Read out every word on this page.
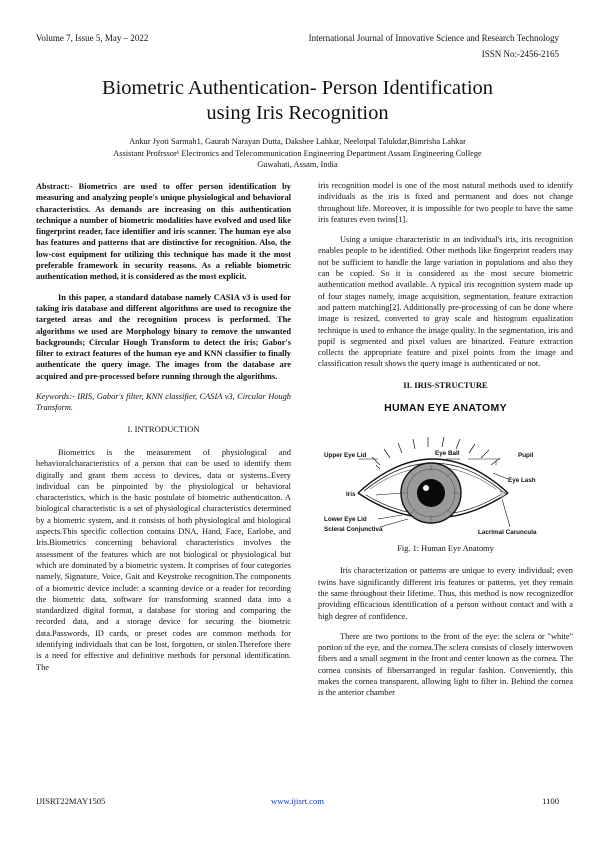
Volume 7, Issue 5, May – 2022	International Journal of Innovative Science and Research Technology
ISSN No:-2456-2165
Biometric Authentication- Person Identification
using Iris Recognition
Ankur Jyoti Sarmah1, Gaurab Narayan Dutta, Dakshee Lahkar, Neelotpal Talukdar,Bimrisha Lahkar
Assistant Profrssor¹ Electronics and Telecommunication Engineering Department Assam Engineering College
Guwahati, Assam, India

Abstract:- Biometrics are used to offer person identification by measuring and analyzing people's unique physiological and behavioral characteristics. As demands are increasing on this authentication technique a number of biometric modalities have evolved and used like fingerprint reader, face identifier and iris scanner. The human eye also has features and patterns that are distinctive for recognition. Also, the low-cost equipment for utilizing this technique has made it the most preferable framework in security reasons. As a reliable biometric authentication method, it is considered as the most explicit.

In this paper, a standard database namely CASIA v3 is used for taking iris database and different algorithms are used to recognize the targeted areas and the recognition process is performed. The algorithms we used are Morphology binary to remove the unwanted backgrounds; Circular Hough Transform to detect the iris; Gabor's filter to extract features of the human eye and KNN classifier to finally authenticate the query image. The images from the database are acquired and pre-processed before running through the algorithms.

Keywords:- IRIS, Gabor's filter, KNN classifier, CASIA v3, Circular Hough Transform.

I. INTRODUCTION

Biometrics is the measurement of physiological and behavioralcharacteristics of a person that can be used to identify them digitally and grant them access to devices, data or systems..Every individual can be pinpointed by the physiological or behavioral characteristics, which is the basic postulate of biometric authentication. A biological characteristic is a set of physiological characteristics determined by a biometric system, and it consists of both physiological and biological aspects.This specific collection contains DNA, Hand, Face, Earlobe, and Iris.Biometrics concerning behavioral characteristics involves the assessment of the features which are not biological or physiological but which are dominated by a biometric system. It comprises of four categories namely, Signature, Voice, Gait and Keystroke recognition.The components of a biometric device include: a scanning device or a reader for recording the biometric data, software for transforming scanned data into a standardized digital format, a database for storing and comparing the recorded data, and a storage device for securing the biometric data.Passwords, ID cards, or preset codes are common methods for identifying individuals that can be lost, forgotten, or stolen.Therefore there is a need for effective and definitive methods for personal identification. The

iris recognition model is one of the most natural methods used to identify individuals as the iris is fixed and permanent and does not change throughout life. Moreover, it is impossible for two people to have the same iris features even twins[1].

Using a unique characteristic in an individual's iris, iris recognition enables people to be identified. Other methods like fingerprint readers may not be sufficient to handle the large variation in populations and also they can be copied. So it is considered as the most secure biometric authentication method available. A typical iris recognition system made up of four stages namely, image acquisition, segmentation, feature extraction and pattern matching[2]. Additionally pre-processing of can be done where image is resized, converted to gray scale and histogram equalization technique is used to enhance the image quality. In the segmentation, iris and pupil is segmented and pixel values are binarized. Feature extraction collects the appropriate feature and pixel points from the image and classification result shows the query image is authenticated or not.

II. IRIS-STRUCTURE
HUMAN EYE ANATOMY
Upper Eye Lid	Eye Ball	Pupil
Eye Lash
Iris
Lower Eye Lid
Scleral Conjunctiva	Lacrimal Caruncula
Fig. 1: Human Eye Anatomy

Iris characterization or patterns are unique to every individual; even twins have significantly different iris features or patterns, yet they remain the same throughout their lifetime. Thus, this method is now recognizedfor providing efficacious identification of a person without contact and with a high degree of confidence.

There are two portions to the front of the eye: the sclera or "white" portion of the eye, and the cornea.The sclera consists of closely interwoven fibers and a small segment in the front and center known as the cornea. The cornea consists of fibersarranged in regular fashion. Conveniently, this makes the cornea transparent, allowing light to filter in. Behind the cornea is the anterior chamber

IJISRT22MAY1505	www.ijisrt.com	1100
